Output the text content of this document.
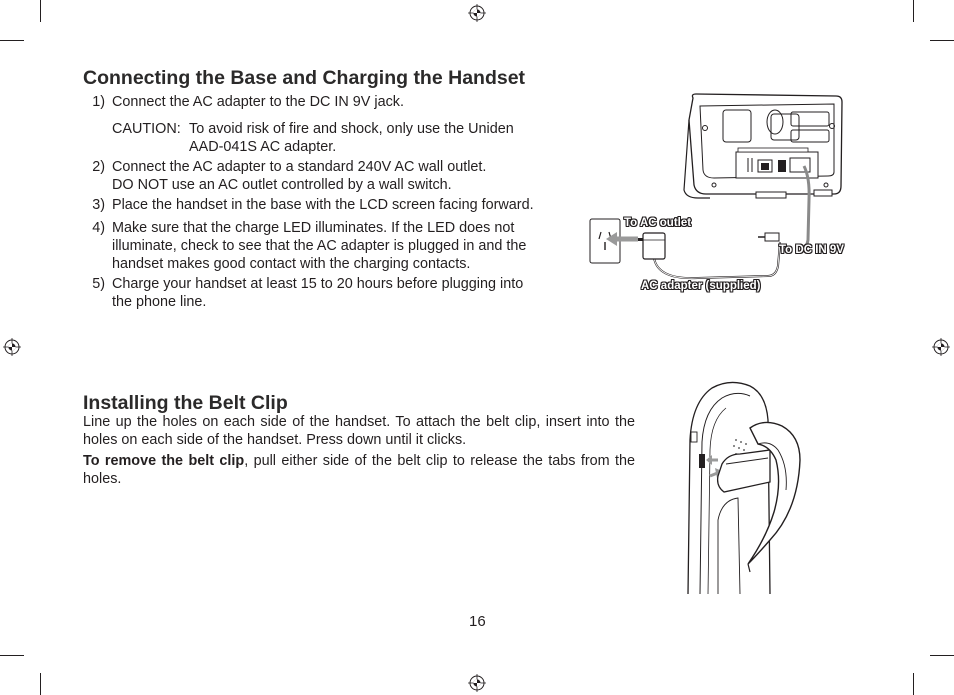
Connecting the Base and Charging the Handset
1) Connect the AC adapter to the DC IN 9V jack.
CAUTION: To avoid risk of fire and shock, only use the Uniden
AAD-041S AC adapter.
2) Connect the AC adapter to a standard 240V AC wall outlet.
DO NOT use an AC outlet controlled by a wall switch.
3) Place the handset in the base with the LCD screen facing forward.
4) Make sure that the charge LED illuminates. If the LED does not
illuminate, check to see that the AC adapter is plugged in and the
handset makes good contact with the charging contacts.
5) Charge your handset at least 15 to 20 hours before plugging into
the phone line.
To AC outlet
To DC IN 9V
AC adapter (supplied)
Installing the Belt Clip

Line up the holes on each side of the handset. To attach the belt clip, insert into the holes on each side of the handset. Press down until it clicks.

To remove the belt clip, pull either side of the belt clip to release the tabs from the holes.

16
